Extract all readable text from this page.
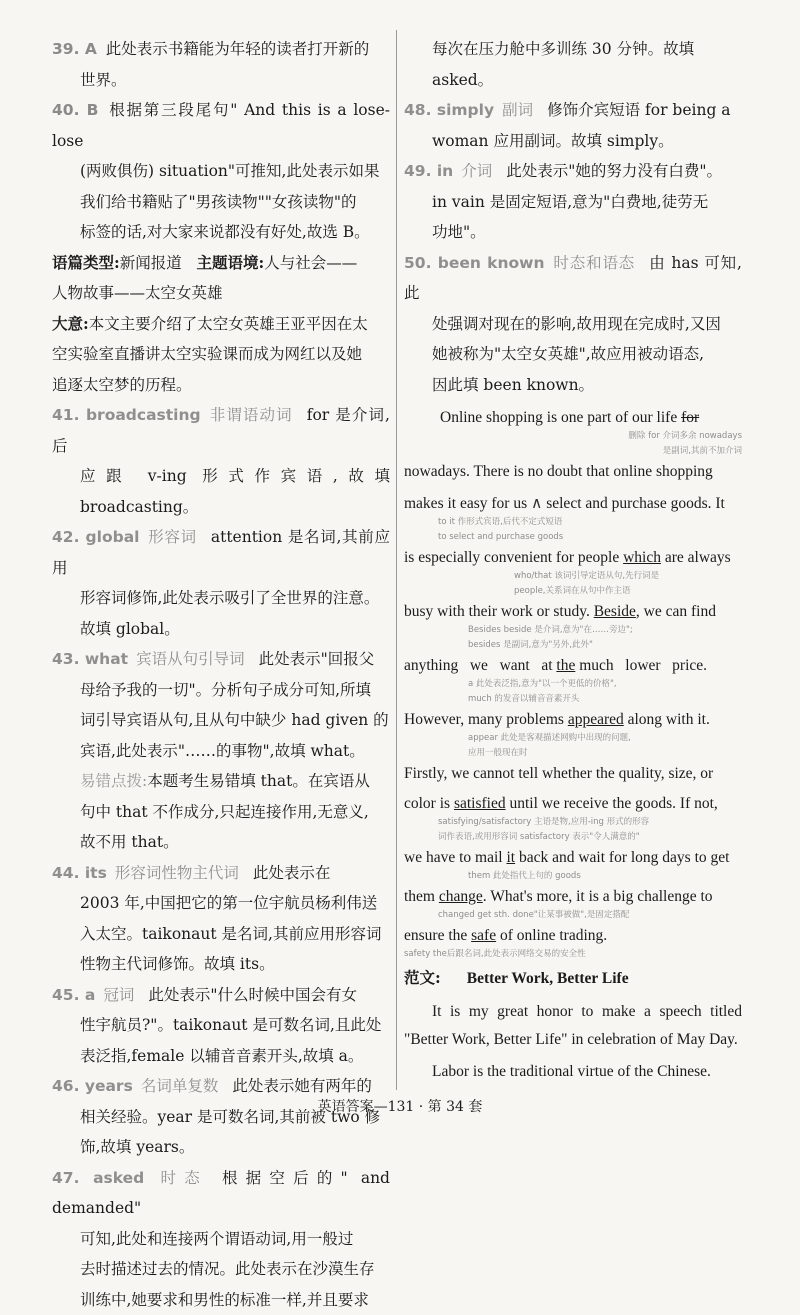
39. A 此处表示书籍能为年轻的读者打开新的

世界。

40. B 根据第三段尾句" And this is a lose-lose

(两败俱伤) situation"可推知,此处表示如果

我们给书籍贴了"男孩读物""女孩读物"的

标签的话,对大家来说都没有好处,故选 B。

语篇类型:新闻报道 主题语境:人与社会——

人物故事——太空女英雄

大意:本文主要介绍了太空女英雄王亚平因在太

空实验室直播讲太空实验课而成为网红以及她

追逐太空梦的历程。

41. broadcasting 非谓语动词 for 是介词,后

应跟 v-ing 形式作宾语,故填 broadcasting。

42. global 形容词 attention 是名词,其前应用

形容词修饰,此处表示吸引了全世界的注意。

故填 global。

43. what 宾语从句引导词 此处表示"回报父

母给予我的一切"。分析句子成分可知,所填

词引导宾语从句,且从句中缺少 had given 的

宾语,此处表示"……的事物",故填 what。

易错点拨:本题考生易错填 that。在宾语从

句中 that 不作成分,只起连接作用,无意义,

故不用 that。

44. its 形容词性物主代词 此处表示在

2003 年,中国把它的第一位宇航员杨利伟送

入太空。taikonaut 是名词,其前应用形容词

性物主代词修饰。故填 its。

45. a 冠词 此处表示"什么时候中国会有女

性宇航员?"。taikonaut 是可数名词,且此处

表泛指,female 以辅音音素开头,故填 a。

46. years 名词单复数 此处表示她有两年的

相关经验。year 是可数名词,其前被 two 修

饰,故填 years。

47. asked 时态 根据空后的" and demanded"

可知,此处和连接两个谓语动词,用一般过

去时描述过去的情况。此处表示在沙漠生存

训练中,她要求和男性的标准一样,并且要求

每次在压力舱中多训练 30 分钟。故填

asked。

48. simply 副词 修饰介宾短语 for being a

woman 应用副词。故填 simply。

49. in 介词 此处表示"她的努力没有白费"。

in vain 是固定短语,意为"白费地,徒劳无

功地"。

50. been known 时态和语态 由 has 可知,此

处强调对现在的影响,故用现在完成时,又因

她被称为"太空女英雄",故应用被动语态,

因此填 been known。

Online shopping is one part of our life for

删除 for 介词多余 nowadays

是副词,其前不加介词

nowadays. There is no doubt that online shopping

makes it easy for us ∧ select and purchase goods. It

to it 作形式宾语,后代不定式短语

to select and purchase goods

is especially convenient for people which are always

who/that 该词引导定语从句,先行词是

people,关系词在从句中作主语

busy with their work or study. Beside, we can find

Besides beside 是介词,意为"在……旁边";

besides 是副词,意为"另外,此外"

anything   we   want   at the much   lower   price.

a 此处表泛指,意为"以一个更低的价格",

much 的发音以辅音音素开头

However, many problems appeared along with it.

appear 此处是客观描述网购中出现的问题,

应用一般现在时

Firstly, we cannot tell whether the quality, size, or

color is satisfied until we receive the goods. If not,

satisfying/satisfactory 主语是物,应用-ing 形式的形容

词作表语,或用形容词 satisfactory 表示"令人满意的"

we have to mail it back and wait for long days to get

them 此处指代上句的 goods

them change. What's more, it is a big challenge to

changed get sth. done"让某事被做",是固定搭配

ensure the safe of online trading.

safety the后跟名词,此处表示网络交易的安全性

范文: Better Work, Better Life

It is my great honor to make a speech titled "Better Work, Better Life" in celebration of May Day.

Labor is the traditional virtue of the Chinese.

英语答案—131 · 第 34 套
